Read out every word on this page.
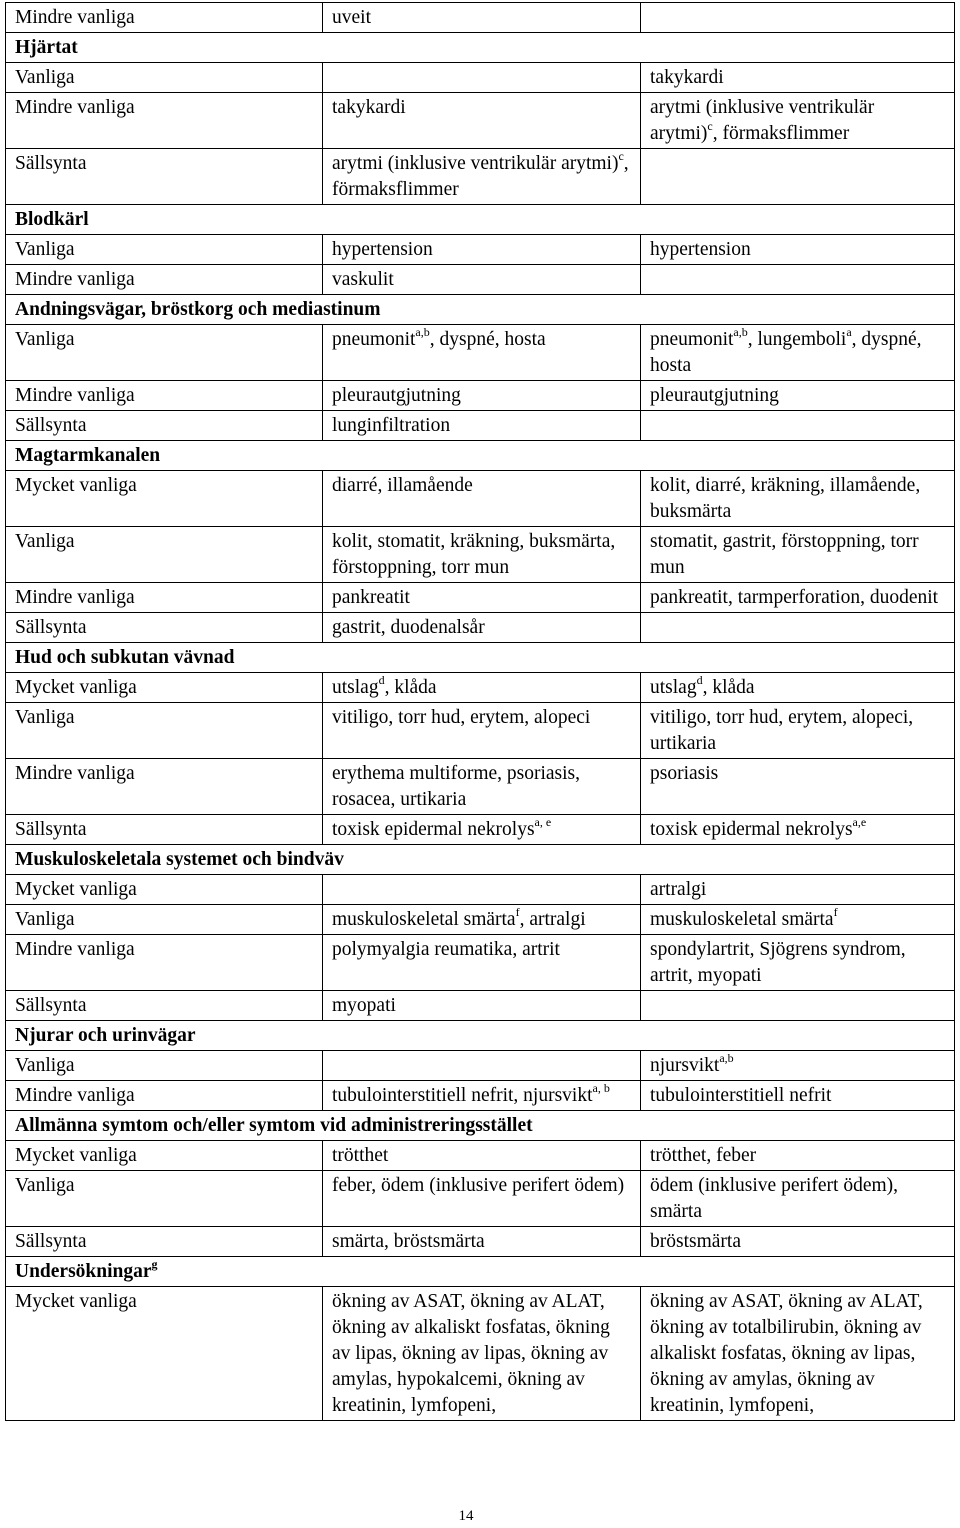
Mindre vanliga	uveit	
Hjärtat		
Vanliga		takykardi
Mindre vanliga	takykardi	arytmi (inklusive ventrikulär arytmi)$^c$, förmaksflimmer
Sällsynta	arytmi (inklusive ventrikulär arytmi)$^c$, förmaksflimmer	
Blodkärl		
Vanliga	hypertension	hypertension
Mindre vanliga	vaskulit	
Andningsvägar, bröstkorg och mediastinum		
Vanliga	pneumonit$^{a,b}$, dyspné, hosta	pneumonit$^{a,b}$, lungemboli$^a$, dyspné, hosta
Mindre vanliga	pleurautgjutning	pleurautgjutning
Sällsynta	lunginfiltration	
Magtarmkanalen		
Mycket vanliga	diarré, illamående	kolit, diarré, kräkning, illamående, buksmärta
Vanliga	kolit, stomatit, kräkning, buksmärta, förstoppning, torr mun	stomatit, gastrit, förstoppning, torr mun
Mindre vanliga	pankreatit	pankreatit, tarmperforation, duodenit
Sällsynta	gastrit, duodenalsår	
Hud och subkutan vävnad		
Mycket vanliga	utslag$^d$, klåda	utslag$^d$, klåda
Vanliga	vitiligo, torr hud, erytem, alopeci	vitiligo, torr hud, erytem, alopeci, urtikaria
Mindre vanliga	erythema multiforme, psoriasis, rosacea, urtikaria	psoriasis
Sällsynta	toxisk epidermal nekrolys$^{a, e}$	toxisk epidermal nekrolys$^{a,e}$
Muskuloskeletala systemet och bindväv		
Mycket vanliga		artralgi
Vanliga	muskuloskeletal smärta$^f$, artralgi	muskuloskeletal smärta$^f$
Mindre vanliga	polymyalgia reumatika, artrit	spondylartrit, Sjögrens syndrom, artrit, myopati
Sällsynta	myopati	
Njurar och urinvägar		
Vanliga		njursvikt$^{a,b}$
Mindre vanliga	tubulointerstitiell nefrit, njursvikt$^{a, b}$	tubulointerstitiell nefrit
Allmänna symtom och/eller symtom vid administreringsstället		
Mycket vanliga	trötthet	trötthet, feber
Vanliga	feber, ödem (inklusive perifert ödem)	ödem (inklusive perifert ödem), smärta
Sällsynta	smärta, bröstsmärta	bröstsmärta
Undersökningar$^g$
Mycket vanliga	ökning av ASAT, ökning av ALAT, ökning av alkaliskt fosfatas, ökning av lipas, ökning av lipas, ökning av amylas, hypokalcemi, ökning av kreatinin, lymfopeni,	ökning av ASAT, ökning av ALAT, ökning av totalbilirubin, ökning av alkaliskt fosfatas, ökning av lipas, ökning av amylas, ökning av kreatinin, lymfopeni,
14
